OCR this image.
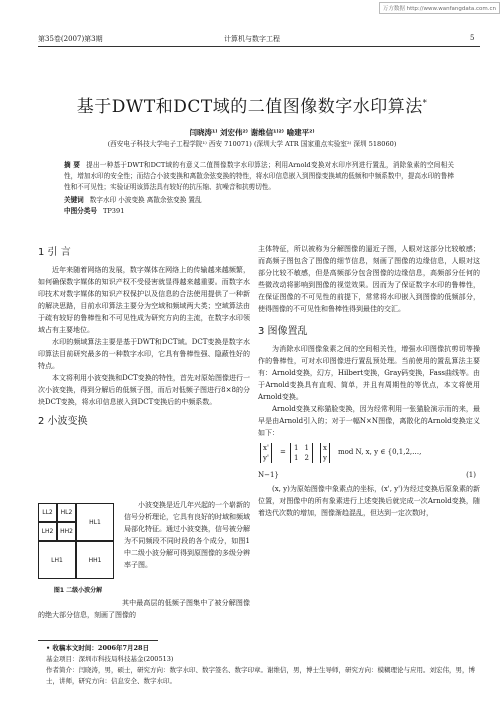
万方数据 http://www.wanfangdata.com.cn
第35卷(2007)第3期	计算机与数字工程	5
基于DWT和DCT域的二值图像数字水印算法*
闫晓涛¹⁾ 刘宏伟²⁾ 谢维信¹⁾²⁾ 喻建平²⁾
(西安电子科技大学电子工程学院¹⁾ 西安 710071) (深圳大学 ATR 国家重点实验室²⁾ 深圳 518060)

摘 要 提出一种基于DWT和DCT域的有意义二值图像数字水印算法；利用Arnold变换对水印序列进行置乱，消除象素的空间相关性，增加水印的安全性；而结合小波变换和离散余弦变换的特性，将水印信息嵌入到图像变换域的低频和中频系数中，提高水印的鲁棒性和不可见性；实验证明该算法具有较好的抗压缩、抗噪音和抗剪切性。

关键词 数字水印 小波变换 离散余弦变换 置乱

中图分类号 TP391

1 引 言

近年来随着网络的发展，数字媒体在网络上的传输越来越频繁，如何确保数字媒体的知识产权不受侵害就显得越来越重要。而数字水印技术对数字媒体的知识产权保护以及信息的合法使用提供了一种新的解决思路，目前水印算法主要分为空域和频域两大类；空域算法由于疏有较好的鲁棒性和不可见性成为研究方向的主流，在数字水印领域占有主要地位。

水印的频域算法主要是基于DWT和DCT域。DCT变换是数字水印算法目前研究最多的一种数字水印，它具有鲁棒性强、隐蔽性好的特点。

本文将利用小波变换和DCT变换的特性，首先对原始图像进行一次小波变换，得到分解后的低频子图，而后对低频子图进行8×8的分块DCT变换，将水印信息嵌入到DCT变换后的中频系数。

2 小波变换
LL2	HL2
LH2	HH2
HL1
LH1	HH1
图1 二级小波分解

小波变换是近几年兴起的一个崭新的信号分析理论，它具有良好的时域和频域局部化特征。通过小波变换，信号被分解为不同频段不同时段的各个成分，如图1中二级小波分解可得到原图像的多级分辨率子图。

其中最高层的低频子图集中了被分解图像的绝大部分信息，刻画了图像的

主体特征，所以被称为分解图像的逼近子图，人眼对这部分比较敏感；而高频子图包含了图像的细节信息，刻画了图像的边缘信息，人眼对这部分比较不敏感，但是高频部分包含图像的边缘信息，高频部分任何的些微改动将影响到图像的视觉效果。因而为了保证数字水印的鲁棒性，在保证图像的不可见性的前提下，常常将水印嵌入到图像的低频部分，使得图像的不可见性和鲁棒性得到最佳的交汇。

3 图像置乱

为消除水印图像象素之间的空间相关性，增强水印图像抗剪切等操作的鲁棒性，可对水印图像进行置乱预处理。当前使用的置乱算法主要有：Arnold变换，幻方，Hilbert变换，Gray码变换，Fass曲线等。由于Arnold变换具有直观、简单，并且有周期性的等优点，本文将使用Arnold变换。

Arnold变换又称猫脸变换，因为经常利用一张猫脸演示而的来，最早是由Arnold引入的；对于一幅N×N图像，离散化的Arnold变换定义如下：

x'
y'
= 1
1
1
2
x
y
mod N, x, y ∈ {0,1,2,…,
N−1}	(1)

(x, y)为原始图像中象素点的坐标，(x', y')为经过变换后原象素的新位置，对图像中的所有象素进行上述变换后就完成一次Arnold变换，随着迭代次数的增加，图像渐趋混乱，但达到一定次数时，

• 收稿本文时间：2006年7月28日
基金项目：深圳市科技局科技基金(200513)
作者简介：闫晓涛，男，硕士，研究方向：数字水印、数字签名、数字印章。谢维信，男，博士生导师，研究方向：模糊理论与应用。刘宏伟，男，博士，讲师，研究方向：信息安全、数字水印。
